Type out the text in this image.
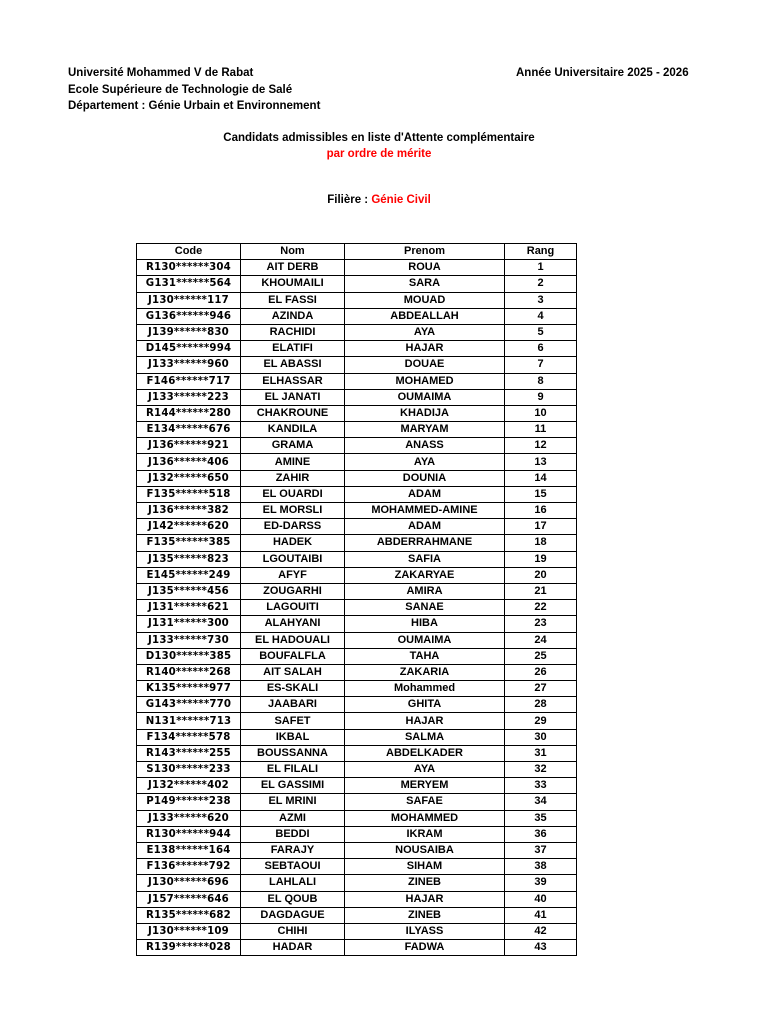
Université Mohammed V de Rabat
Ecole Supérieure de Technologie de Salé
Département : Génie Urbain et Environnement
Année Universitaire 2025 - 2026
Candidats admissibles en liste d'Attente complémentaire
par ordre de mérite
Filière : Génie Civil
Code	Nom	Prenom	Rang
R130******304	AIT DERB	ROUA	1
G131******564	KHOUMAILI	SARA	2
J130******117	EL FASSI	MOUAD	3
G136******946	AZINDA	ABDEALLAH	4
J139******830	RACHIDI	AYA	5
D145******994	ELATIFI	HAJAR	6
J133******960	EL ABASSI	DOUAE	7
F146******717	ELHASSAR	MOHAMED	8
J133******223	EL JANATI	OUMAIMA	9
R144******280	CHAKROUNE	KHADIJA	10
E134******676	KANDILA	MARYAM	11
J136******921	GRAMA	ANASS	12
J136******406	AMINE	AYA	13
J132******650	ZAHIR	DOUNIA	14
F135******518	EL OUARDI	ADAM	15
J136******382	EL MORSLI	MOHAMMED-AMINE	16
J142******620	ED-DARSS	ADAM	17
F135******385	HADEK	ABDERRAHMANE	18
J135******823	LGOUTAIBI	SAFIA	19
E145******249	AFYF	ZAKARYAE	20
J135******456	ZOUGARHI	AMIRA	21
J131******621	LAGOUITI	SANAE	22
J131******300	ALAHYANI	HIBA	23
J133******730	EL HADOUALI	OUMAIMA	24
D130******385	BOUFALFLA	TAHA	25
R140******268	AIT SALAH	ZAKARIA	26
K135******977	ES-SKALI	Mohammed	27
G143******770	JAABARI	GHITA	28
N131******713	SAFET	HAJAR	29
F134******578	IKBAL	SALMA	30
R143******255	BOUSSANNA	ABDELKADER	31
S130******233	EL FILALI	AYA	32
J132******402	EL GASSIMI	MERYEM	33
P149******238	EL MRINI	SAFAE	34
J133******620	AZMI	MOHAMMED	35
R130******944	BEDDI	IKRAM	36
E138******164	FARAJY	NOUSAIBA	37
F136******792	SEBTAOUI	SIHAM	38
J130******696	LAHLALI	ZINEB	39
J157******646	EL QOUB	HAJAR	40
R135******682	DAGDAGUE	ZINEB	41
J130******109	CHIHI	ILYASS	42
R139******028	HADAR	FADWA	43
